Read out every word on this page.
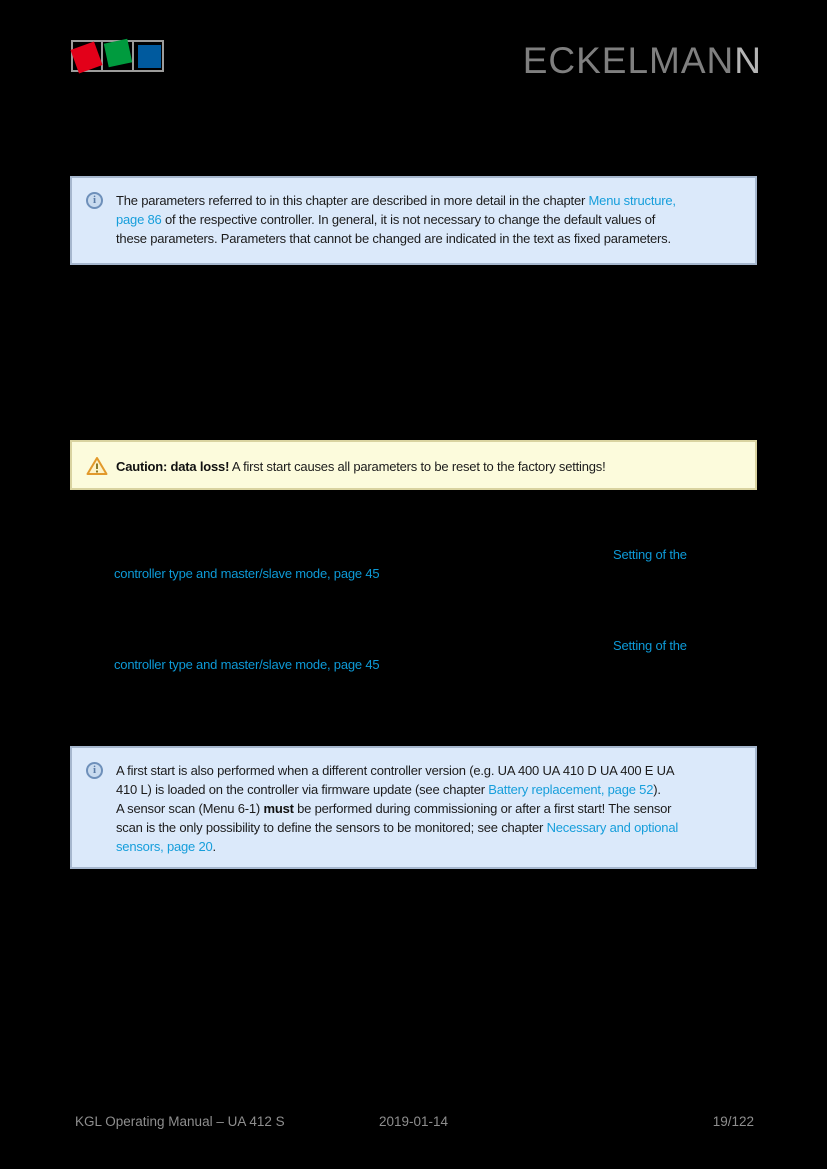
ECKELMANN
i	The parameters referred to in this chapter are described in more detail in the chapter Menu structure,
page 86 of the respective controller. In general, it is not necessary to change the default values of
these parameters. Parameters that cannot be changed are indicated in the text as fixed parameters.
Caution: data loss! A first start causes all parameters to be reset to the factory settings!
Setting of the
controller type and master/slave mode, page 45
Setting of the
controller type and master/slave mode, page 45
i	A first start is also performed when a different controller version (e.g. UA 400 UA 410 D UA 400 E UA
410 L) is loaded on the controller via firmware update (see chapter Battery replacement, page 52).
A sensor scan (Menu 6-1) must be performed during commissioning or after a first start! The sensor
scan is the only possibility to define the sensors to be monitored; see chapter Necessary and optional
sensors, page 20.
KGL Operating Manual – UA 412 S	2019-01-14	19/122
